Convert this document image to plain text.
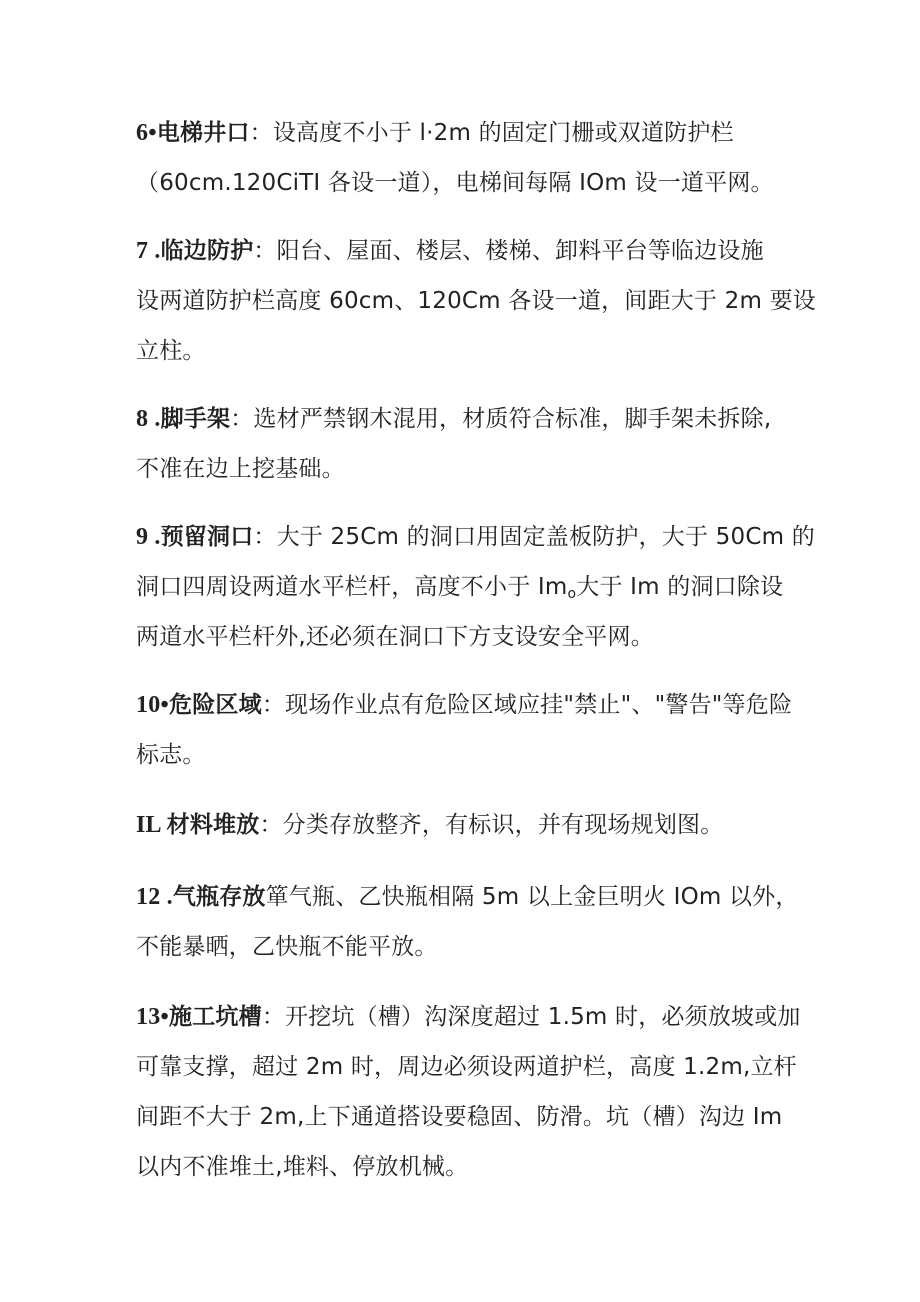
6•电梯井口：设高度不小于 l·2m 的固定门栅或双道防护栏
（60cm.120CiTI 各设一道），电梯间每隔 IOm 设一道平网。
7 .临边防护：阳台、屋面、楼层、楼梯、卸料平台等临边设施
设两道防护栏高度 60cm、120Cm 各设一道，间距大于 2m 要设
立柱。
8 .脚手架：选材严禁钢木混用，材质符合标准，脚手架未拆除,
不准在边上挖基础。
9 .预留洞口：大于 25Cm 的洞口用固定盖板防护，大于 50Cm 的
洞口四周设两道水平栏杆，高度不小于 $Im_o$大于 Im 的洞口除设
两道水平栏杆外,还必须在洞口下方支设安全平网。
10•危险区域：现场作业点有危险区域应挂"禁止"、"警告"等危险
标志。
IL 材料堆放：分类存放整齐，有标识，并有现场规划图。
12 .气瓶存放箪气瓶、乙快瓶相隔 5m 以上金巨明火 IOm 以外，
不能暴晒，乙快瓶不能平放。
13•施工坑槽：开挖坑（槽）沟深度超过 1.5m 时，必须放坡或加
可靠支撑，超过 2m 时，周边必须设两道护栏，高度 1.2m,立杆
间距不大于 2m,上下通道搭设要稳固、防滑。坑（槽）沟边 Im
以内不准堆土,堆料、停放机械。
